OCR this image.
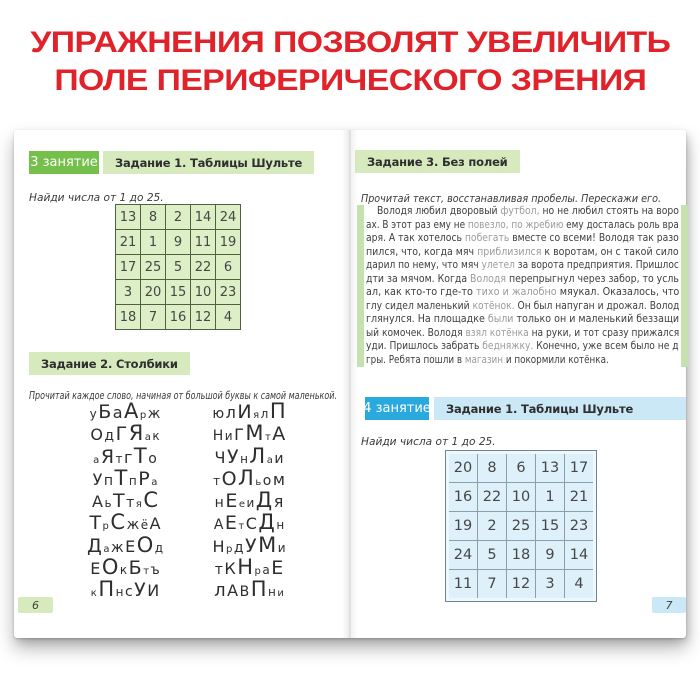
УПРАЖНЕНИЯ ПОЗВОЛЯТ УВЕЛИЧИТЬ
ПОЛЕ ПЕРИФЕРИЧЕСКОГО ЗРЕНИЯ
3 занятие	Задание 1. Таблицы Шульте
Найди числа от 1 до 25.
13 8	2 14 24
21 1	9 11 19
17 25 5 22 6
3 20 15 10 23
18 7 16 12 4
Задание 2. Столбики
Прочитай каждое слово, начиная от большой буквы к самой маленькой.
у Б а А р ж
О д Г Я а к
а Я т г Т о
У п Т п Р а
А ь Т т я С
Т р С ж ё А
Д а ж Е О д
Е О к Б т ъ
к П н с У И
ю л И я л П
Н и Г М т А
Ч У н Л а и
т О Л ь о м
н Е е и Д я
А Е т С Д н
Н р д У М и
т К Н р а Е
л А В П н и
6
Задание 3. Без полей
Прочитай текст, восстанавливая пробелы. Перескажи его.
Володя любил дворовый футбол, но не любил стоять на воро
ах. В этот раз ему не повезло, по жребию ему досталась роль вра
аря. А так хотелось побегать вместе со всеми! Володя так разо
пился, что, когда мяч приблизился к воротам, он с такой сило
дарил по нему, что мяч улетел за ворота предприятия. Пришлос
дти за мячом. Когда Володя перепрыгнул через забор, то усль
ал, как кто-то где-то тихо и жалобно мяукал. Оказалось, что
глу сидел маленький котёнок. Он был напуган и дрожал. Волод
глянулся. На площадке были только он и маленький беззащи
ый комочек. Володя взял котёнка на руки, и тот сразу прижался
уди. Пришлось забрать бедняжку. Конечно, уже всем было не д
гры. Ребята пошли в магазин и покормили котёнка.
4 занятие	Задание 1. Таблицы Шульте
Найди числа от 1 до 25.
20	8	6	13 17
16 22 10	1	21
19	2	25 15 23
24	5	18	9	14
11	7	12	3	4
7
